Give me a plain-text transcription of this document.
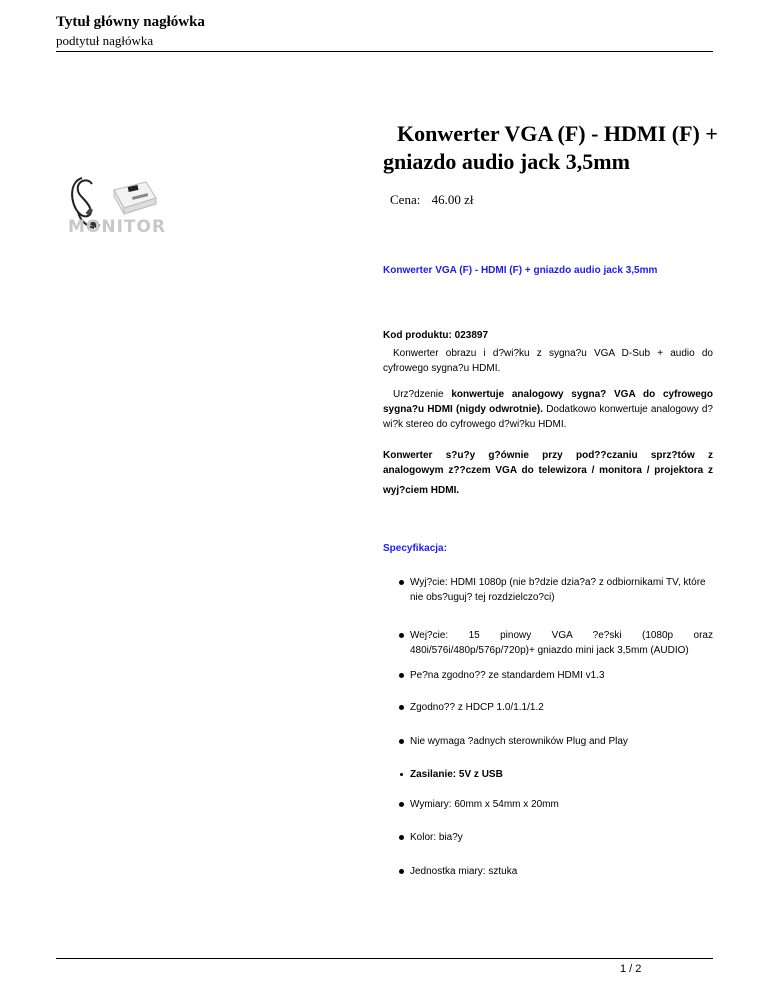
Tytuł główny nagłówka
podtytuł nagłówka
MONITOR
Konwerter VGA (F) - HDMI (F) + gniazdo audio jack 3,5mm
Cena: 46.00 zł
Konwerter VGA (F) - HDMI (F) + gniazdo audio jack 3,5mm
Kod produktu: 023897
Konwerter obrazu i d?wi?ku z sygna?u VGA D-Sub + audio do cyfrowego sygna?u HDMI.
Urz?dzenie konwertuje analogowy sygna? VGA do cyfrowego sygna?u HDMI (nigdy odwrotnie). Dodatkowo konwertuje analogowy d?wi?k stereo do cyfrowego d?wi?ku HDMI.
Konwerter s?u?y g?ównie przy pod??czaniu sprz?tów z analogowym z??czem VGA do telewizora / monitora / projektora z
wyj?ciem HDMI.
Specyfikacja:
Wyj?cie: HDMI 1080p (nie b?dzie dzia?a? z odbiornikami TV, które nie obs?uguj? tej rozdzielczo?ci)
Wej?cie: 15 pinowy VGA ?e?ski (1080p oraz
480i/576i/480p/576p/720p)+ gniazdo mini jack 3,5mm (AUDIO)
Pe?na zgodno?? ze standardem HDMI v1.3
Zgodno?? z HDCP 1.0/1.1/1.2
Nie wymaga ?adnych sterowników Plug and Play
Zasilanie: 5V z USB
Wymiary: 60mm x 54mm x 20mm
Kolor: bia?y
Jednostka miary: sztuka
1 / 2
